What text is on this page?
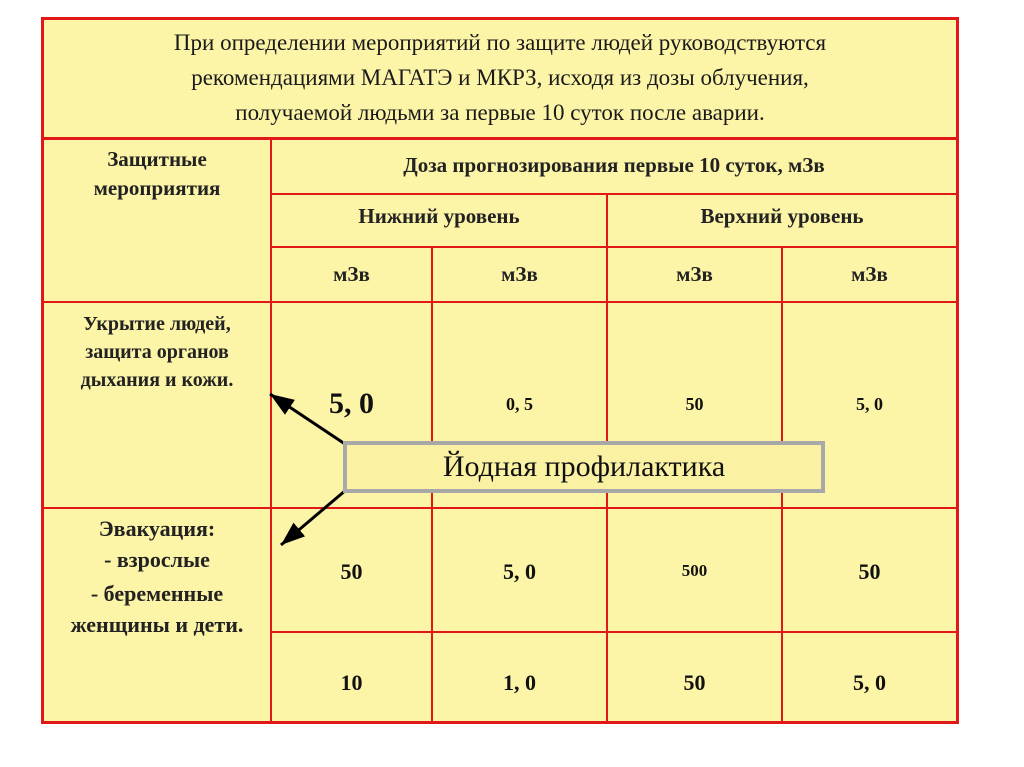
При определении мероприятий по защите людей руководствуются
рекомендациями МАГАТЭ и МКРЗ, исходя из дозы облучения,
получаемой людьми за первые 10 суток после аварии.
Защитные
мероприятия
Доза прогнозирования первые 10 суток, мЗв
Нижний уровень	Верхний уровень
мЗв	мЗв	мЗв	мЗв
Укрытие людей,
защита органов
дыхания и кожи.
5, 0	0, 5	50	5, 0
Эвакуация:
- взрослые
- беременные
женщины и дети.
50	5, 0	500	50
10	1, 0	50	5, 0
Йодная профилактика
